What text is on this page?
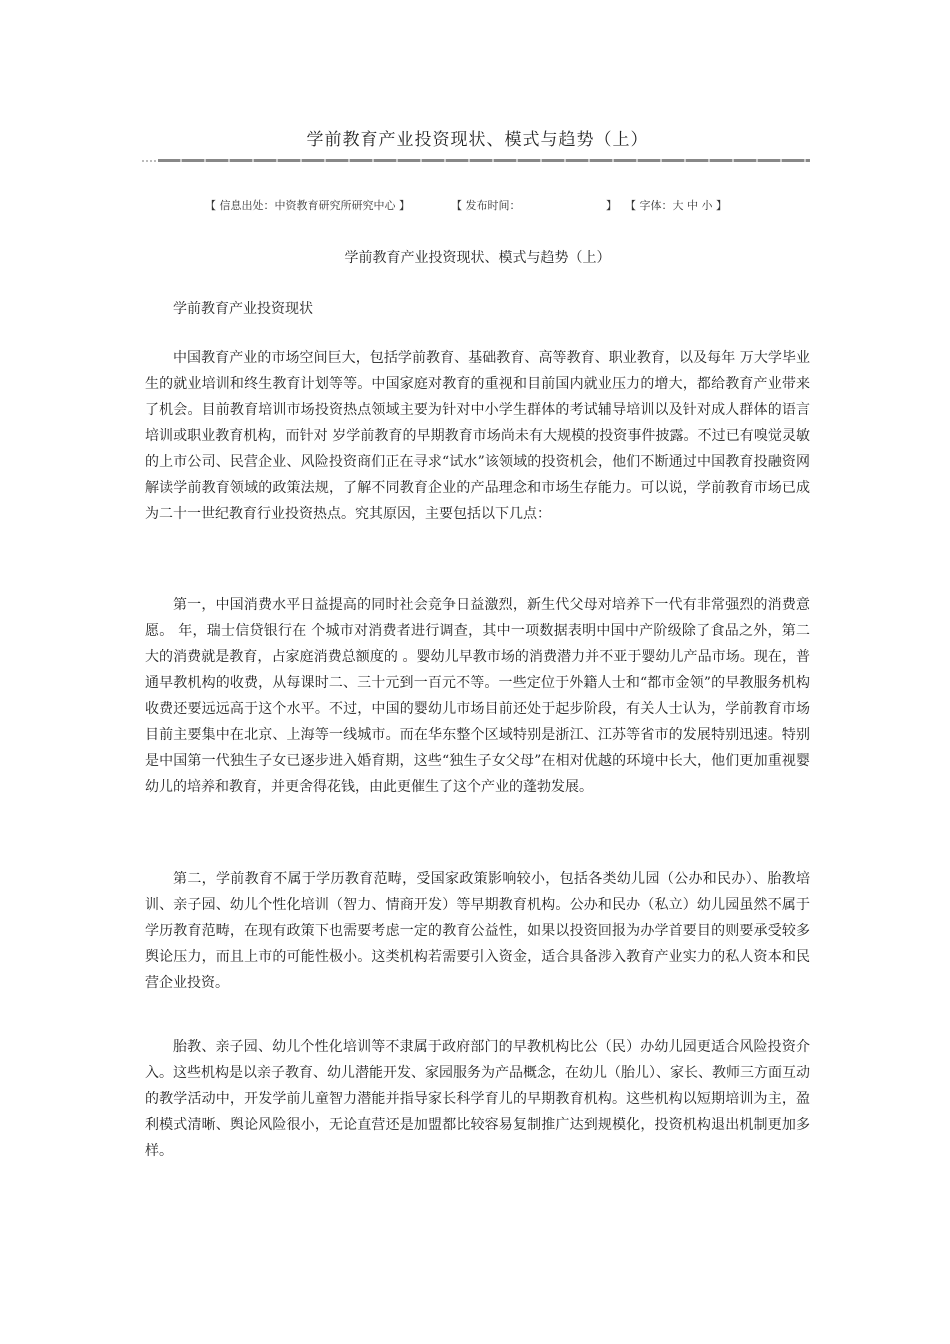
学前教育产业投资现状、模式与趋势（上）
【 信息出处：中资教育研究所研究中心 】	【 发布时间：	】 【 字体：大 中 小 】
学前教育产业投资现状、模式与趋势（上）
学前教育产业投资现状

中国教育产业的市场空间巨大，包括学前教育、基础教育、高等教育、职业教育，以及每年 万大学毕业生的就业培训和终生教育计划等等。中国家庭对教育的重视和目前国内就业压力的增大，都给教育产业带来了机会。目前教育培训市场投资热点领域主要为针对中小学生群体的考试辅导培训以及针对成人群体的语言培训或职业教育机构，而针对 岁学前教育的早期教育市场尚未有大规模的投资事件披露。不过已有嗅觉灵敏的上市公司、民营企业、风险投资商们正在寻求“试水”该领域的投资机会，他们不断通过中国教育投融资网解读学前教育领域的政策法规，了解不同教育企业的产品理念和市场生存能力。可以说，学前教育市场已成为二十一世纪教育行业投资热点。究其原因，主要包括以下几点：

第一，中国消费水平日益提高的同时社会竞争日益激烈，新生代父母对培养下一代有非常强烈的消费意愿。 年，瑞士信贷银行在 个城市对消费者进行调查，其中一项数据表明中国中产阶级除了食品之外，第二大的消费就是教育，占家庭消费总额度的 。婴幼儿早教市场的消费潜力并不亚于婴幼儿产品市场。现在，普通早教机构的收费，从每课时二、三十元到一百元不等。一些定位于外籍人士和“都市金领”的早教服务机构收费还要远远高于这个水平。不过，中国的婴幼儿市场目前还处于起步阶段，有关人士认为，学前教育市场目前主要集中在北京、上海等一线城市。而在华东整个区域特别是浙江、江苏等省市的发展特别迅速。特别是中国第一代独生子女已逐步进入婚育期，这些“独生子女父母”在相对优越的环境中长大，他们更加重视婴幼儿的培养和教育，并更舍得花钱，由此更催生了这个产业的蓬勃发展。

第二，学前教育不属于学历教育范畴，受国家政策影响较小，包括各类幼儿园（公办和民办）、胎教培训、亲子园、幼儿个性化培训（智力、情商开发）等早期教育机构。公办和民办（私立）幼儿园虽然不属于学历教育范畴，在现有政策下也需要考虑一定的教育公益性，如果以投资回报为办学首要目的则要承受较多舆论压力，而且上市的可能性极小。这类机构若需要引入资金，适合具备涉入教育产业实力的私人资本和民营企业投资。

胎教、亲子园、幼儿个性化培训等不隶属于政府部门的早教机构比公（民）办幼儿园更适合风险投资介入。这些机构是以亲子教育、幼儿潜能开发、家园服务为产品概念，在幼儿（胎儿）、家长、教师三方面互动的教学活动中，开发学前儿童智力潜能并指导家长科学育儿的早期教育机构。这些机构以短期培训为主，盈利模式清晰、舆论风险很小，无论直营还是加盟都比较容易复制推广达到规模化，投资机构退出机制更加多样。
